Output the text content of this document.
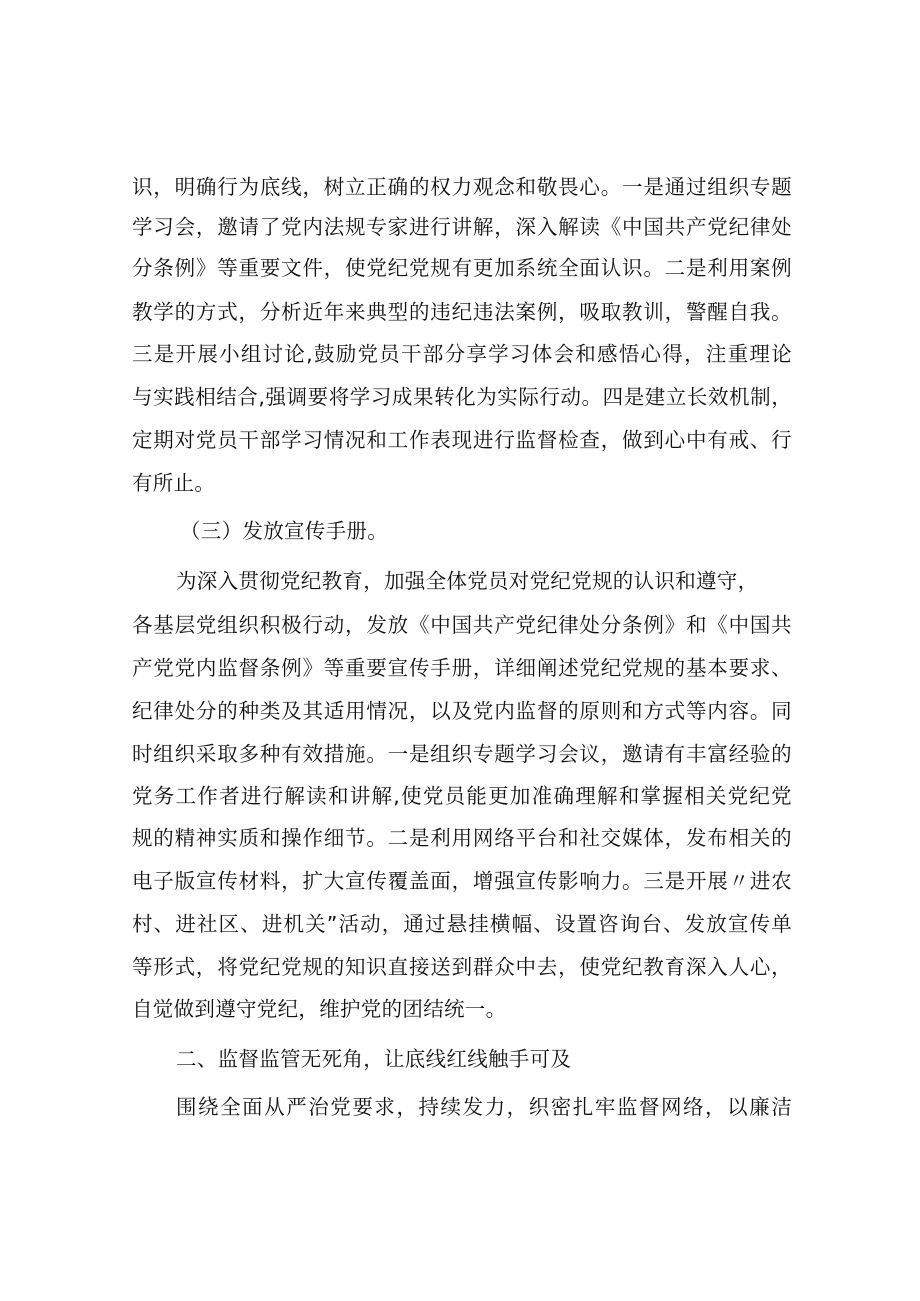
识，明确行为底线，树立正确的权力观念和敬畏心。一是通过组织专题
学习会，邀请了党内法规专家进行讲解，深入解读《中国共产党纪律处
分条例》等重要文件，使党纪党规有更加系统全面认识。二是利用案例
教学的方式，分析近年来典型的违纪违法案例，吸取教训，警醒自我。
三是开展小组讨论,鼓励党员干部分享学习体会和感悟心得，注重理论
与实践相结合,强调要将学习成果转化为实际行动。四是建立长效机制，
定期对党员干部学习情况和工作表现进行监督检查，做到心中有戒、行
有所止。
（三）发放宣传手册。
为深入贯彻党纪教育，加强全体党员对党纪党规的认识和遵守，
各基层党组织积极行动，发放《中国共产党纪律处分条例》和《中国共
产党党内监督条例》等重要宣传手册，详细阐述党纪党规的基本要求、
纪律处分的种类及其适用情况，以及党内监督的原则和方式等内容。同
时组织采取多种有效措施。一是组织专题学习会议，邀请有丰富经验的
党务工作者进行解读和讲解,使党员能更加准确理解和掌握相关党纪党
规的精神实质和操作细节。二是利用网络平台和社交媒体，发布相关的
电子版宣传材料，扩大宣传覆盖面，增强宣传影响力。三是开展〃进农
村、进社区、进机关”活动，通过悬挂横幅、设置咨询台、发放宣传单
等形式，将党纪党规的知识直接送到群众中去，使党纪教育深入人心，
自觉做到遵守党纪，维护党的团结统一。
二、监督监管无死角，让底线红线触手可及
围绕全面从严治党要求，持续发力，织密扎牢监督网络，以廉洁
